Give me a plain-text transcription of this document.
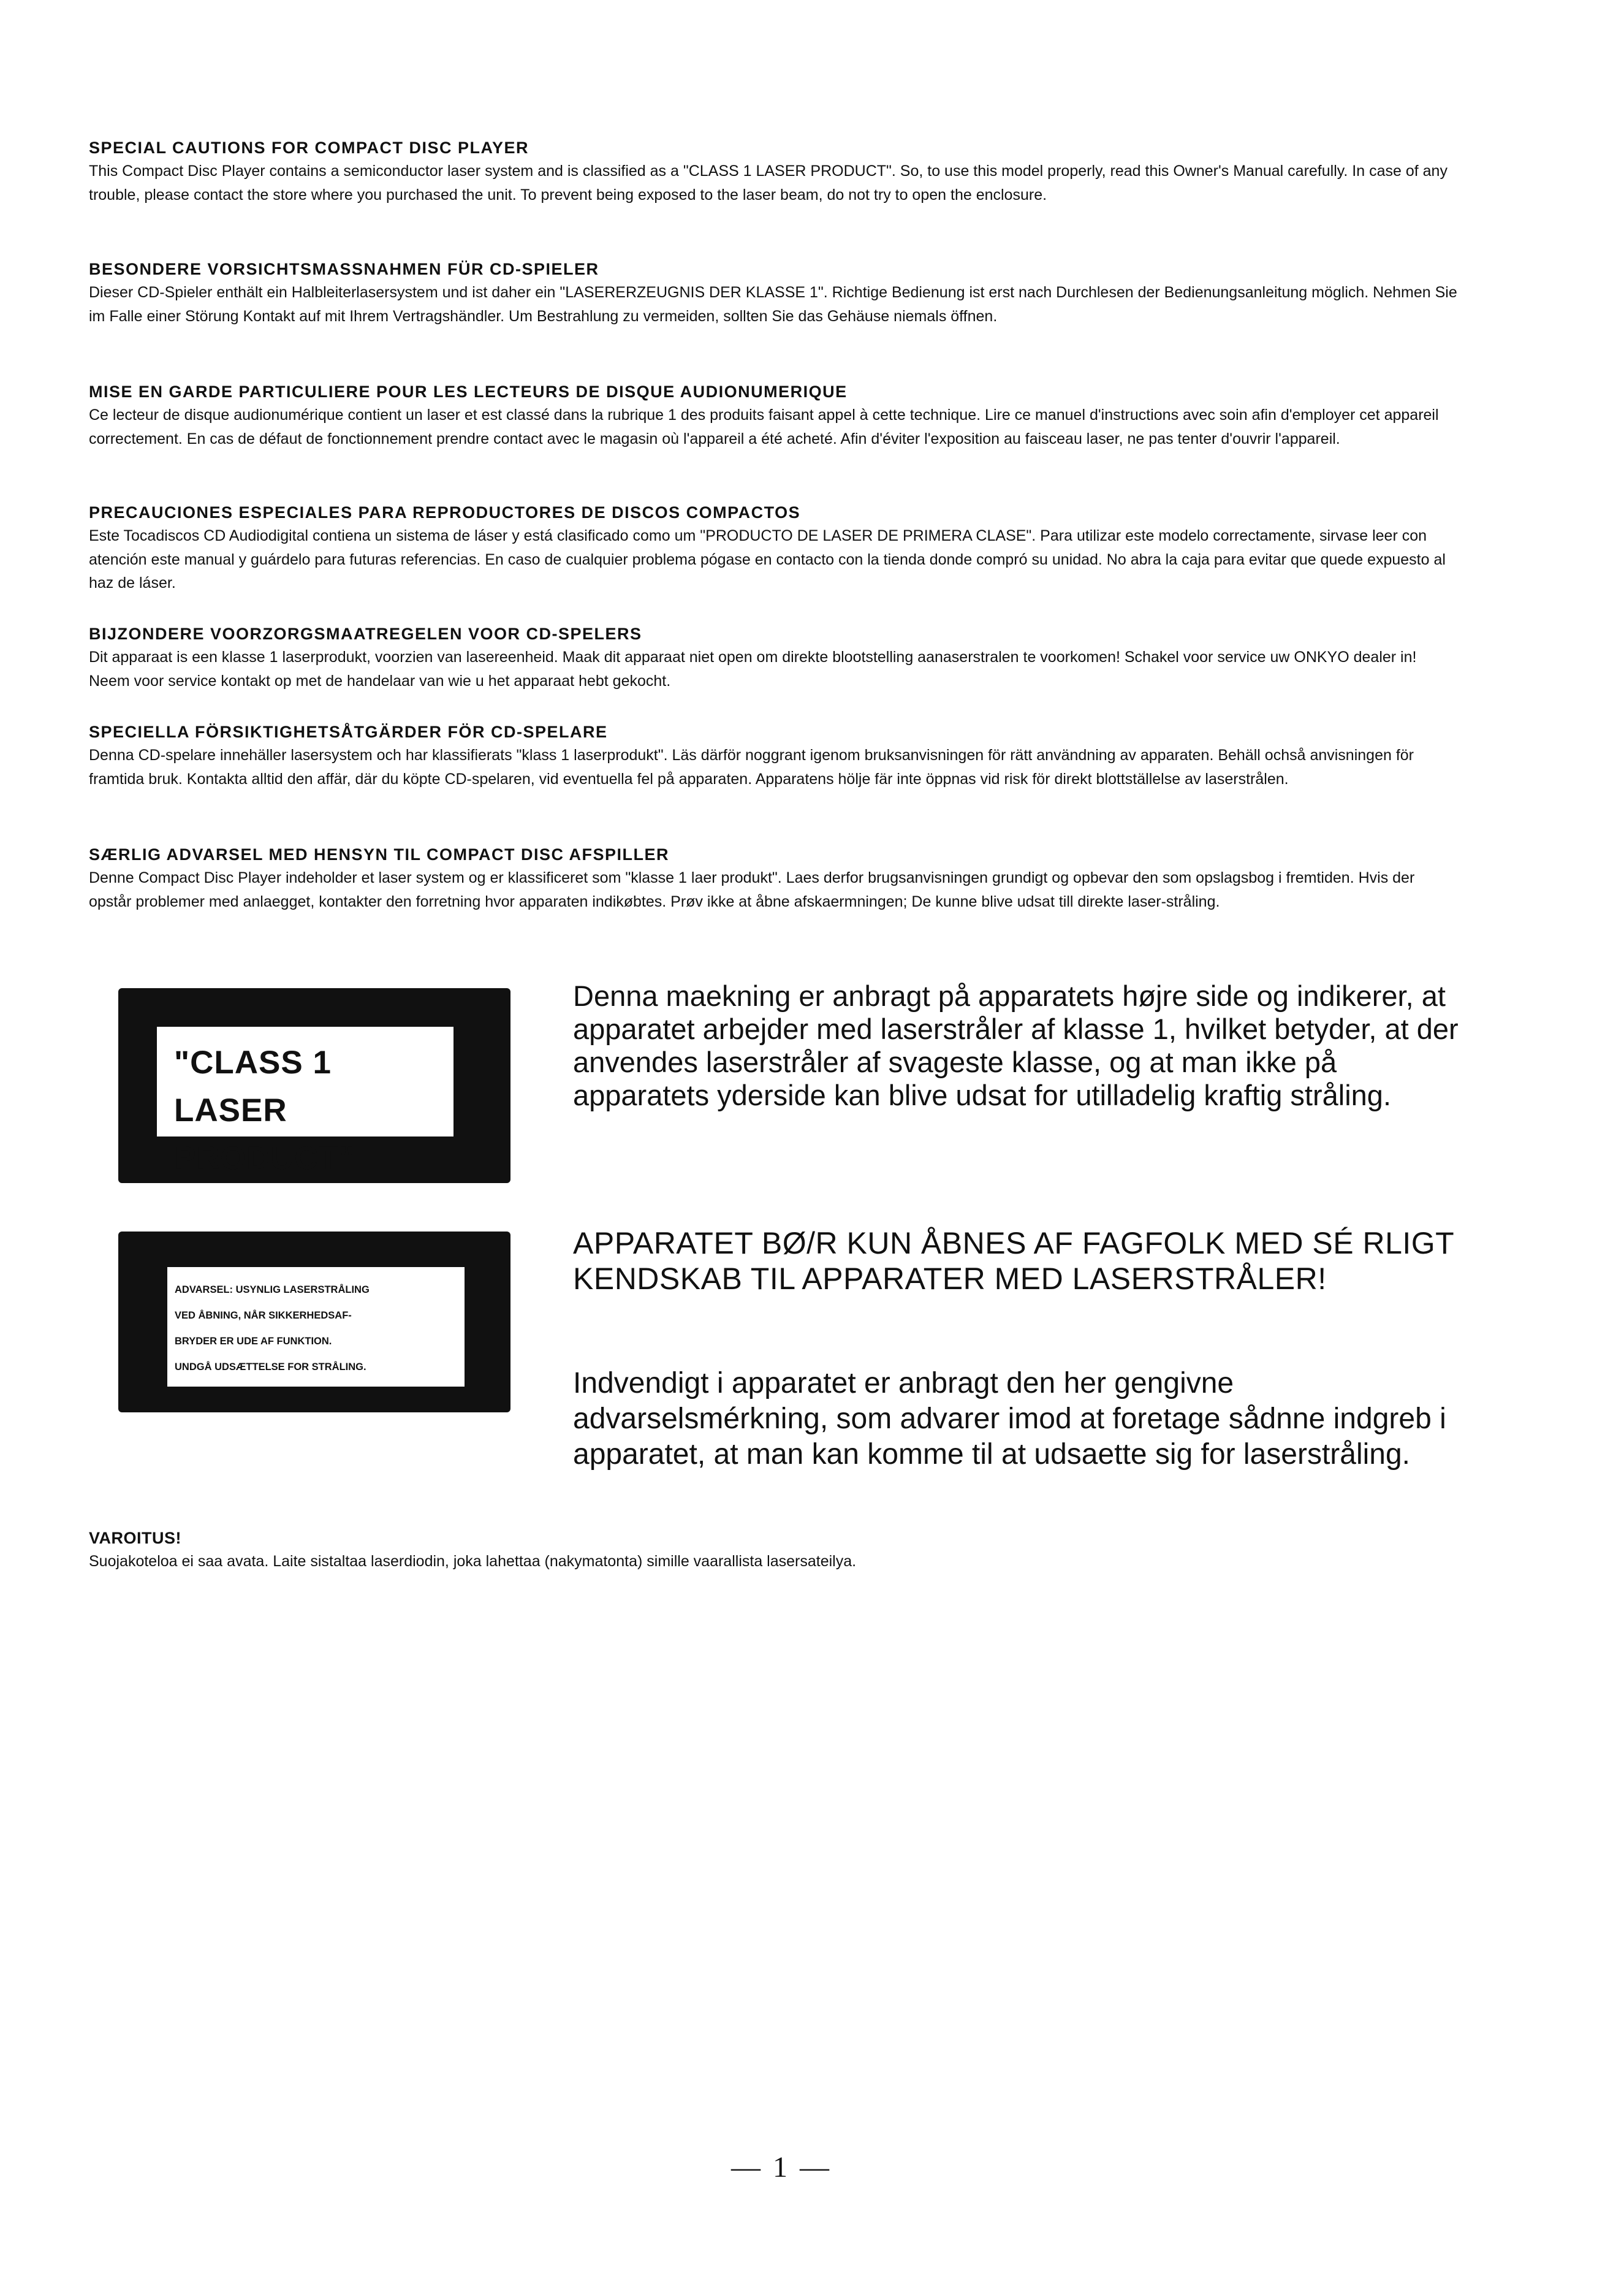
SPECIAL CAUTIONS FOR COMPACT DISC PLAYER

This Compact Disc Player contains a semiconductor laser system and is classified as a "CLASS 1 LASER PRODUCT". So, to use this model properly, read this Owner's Manual carefully. In case of any trouble, please contact the store where you purchased the unit. To prevent being exposed to the laser beam, do not try to open the enclosure.

BESONDERE VORSICHTSMASSNAHMEN FÜR CD-SPIELER

Dieser CD-Spieler enthält ein Halbleiterlasersystem und ist daher ein "LASERERZEUGNIS DER KLASSE 1". Richtige Bedienung ist erst nach Durchlesen der Bedienungsanleitung möglich. Nehmen Sie im Falle einer Störung Kontakt auf mit Ihrem Vertragshändler. Um Bestrahlung zu vermeiden, sollten Sie das Gehäuse niemals öffnen.

MISE EN GARDE PARTICULIERE POUR LES LECTEURS DE DISQUE AUDIONUMERIQUE

Ce lecteur de disque audionumérique contient un laser et est classé dans la rubrique 1 des produits faisant appel à cette technique. Lire ce manuel d'instructions avec soin afin d'employer cet appareil correctement. En cas de défaut de fonctionnement prendre contact avec le magasin où l'appareil a été acheté. Afin d'éviter l'exposition au faisceau laser, ne pas tenter d'ouvrir l'appareil.

PRECAUCIONES ESPECIALES PARA REPRODUCTORES DE DISCOS COMPACTOS

Este Tocadiscos CD Audiodigital contiena un sistema de láser y está clasificado como um "PRODUCTO DE LASER DE PRIMERA CLASE". Para utilizar este modelo correctamente, sirvase leer con atención este manual y guárdelo para futuras referencias. En caso de cualquier problema pógase en contacto con la tienda donde compró su unidad. No abra la caja para evitar que quede expuesto al haz de láser.

BIJZONDERE VOORZORGSMAATREGELEN VOOR CD-SPELERS

Dit apparaat is een klasse 1 laserprodukt, voorzien van lasereenheid. Maak dit apparaat niet open om direkte blootstelling aanaserstralen te voorkomen! Schakel voor service uw ONKYO dealer in! Neem voor service kontakt op met de handelaar van wie u het apparaat hebt gekocht.

SPECIELLA FÖRSIKTIGHETSÅTGÄRDER FÖR CD-SPELARE

Denna CD-spelare innehäller lasersystem och har klassifierats "klass 1 laserprodukt". Läs därför noggrant igenom bruksanvisningen för rätt användning av apparaten. Behäll ochså anvisningen för framtida bruk. Kontakta alltid den affär, där du köpte CD-spelaren, vid eventuella fel på apparaten. Apparatens hölje fär inte öppnas vid risk för direkt blottställelse av laserstrålen.

SÆRLIG ADVARSEL MED HENSYN TIL COMPACT DISC AFSPILLER

Denne Compact Disc Player indeholder et laser system og er klassificeret som "klasse 1 laer produkt". Laes derfor brugsanvisningen grundigt og opbevar den som opslagsbog i fremtiden. Hvis der opstår problemer med anlaegget, kontakter den forretning hvor apparaten indikøbtes. Prøv ikke at åbne afskaermningen; De kunne blive udsat till direkte laser-stråling.

"CLASS 1 LASER

PRODUCT"

Denna maekning er anbragt på apparatets højre side og indikerer, at apparatet arbejder med laserstråler af klasse 1, hvilket betyder, at der anvendes laserstråler af svageste klasse, og at man ikke på apparatets yderside kan blive udsat for utilladelig kraftig stråling.

ADVARSEL: USYNLIG LASERSTRÅLING

VED ÅBNING, NÅR SIKKERHEDSAF-

BRYDER ER UDE AF FUNKTION.

UNDGÅ UDSÆTTELSE FOR STRÅLING.

APPARATET BØ/R KUN ÅBNES AF FAGFOLK MED SÉ RLIGT KENDSKAB TIL APPARATER MED LASERSTRÅLER!

Indvendigt i apparatet er anbragt den her gengivne advarselsmérkning, som advarer imod at foretage sådnne indgreb i apparatet, at man kan komme til at udsaette sig for laserstråling.

VAROITUS!

Suojakoteloa ei saa avata. Laite sistaltaa laserdiodin, joka lahettaa (nakymatonta) simille vaarallista lasersateilya.

— 1 —
